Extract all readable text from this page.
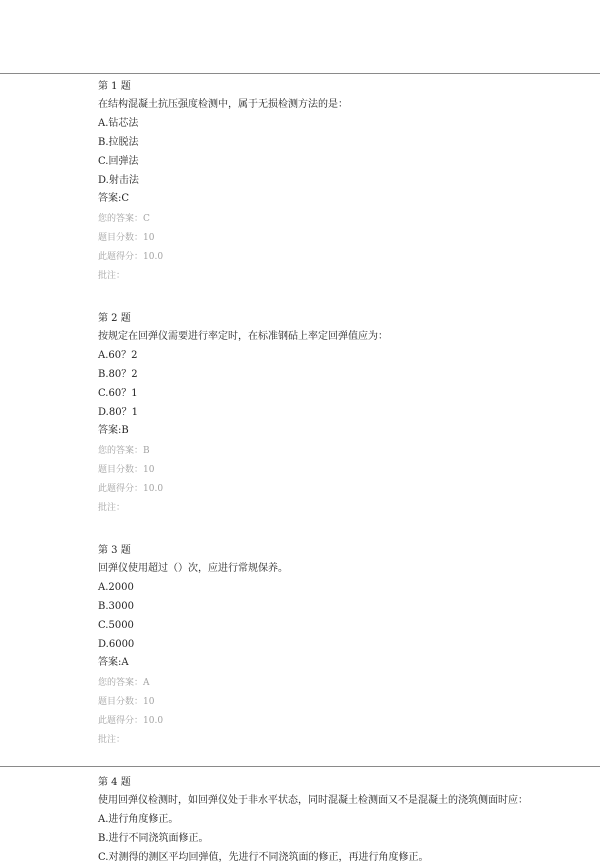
第 1 题
在结构混凝土抗压强度检测中，属于无损检测方法的是：
A.钻芯法
B.拉脱法
C.回弹法
D.射击法
答案:C
您的答案：C
题目分数：10
此题得分：10.0
批注：
第 2 题
按规定在回弹仪需要进行率定时，在标准钢砧上率定回弹值应为：
A.60？2
B.80？2
C.60？1
D.80？1
答案:B
您的答案：B
题目分数：10
此题得分：10.0
批注：
第 3 题
回弹仪使用超过（）次，应进行常规保养。
A.2000
B.3000
C.5000
D.6000
答案:A
您的答案：A
题目分数：10
此题得分：10.0
批注：
第 4 题
使用回弹仪检测时，如回弹仪处于非水平状态，同时混凝土检测面又不是混凝土的浇筑侧面时应：
A.进行角度修正。
B.进行不同浇筑面修正。
C.对测得的测区平均回弹值，先进行不同浇筑面的修正，再进行角度修正。
